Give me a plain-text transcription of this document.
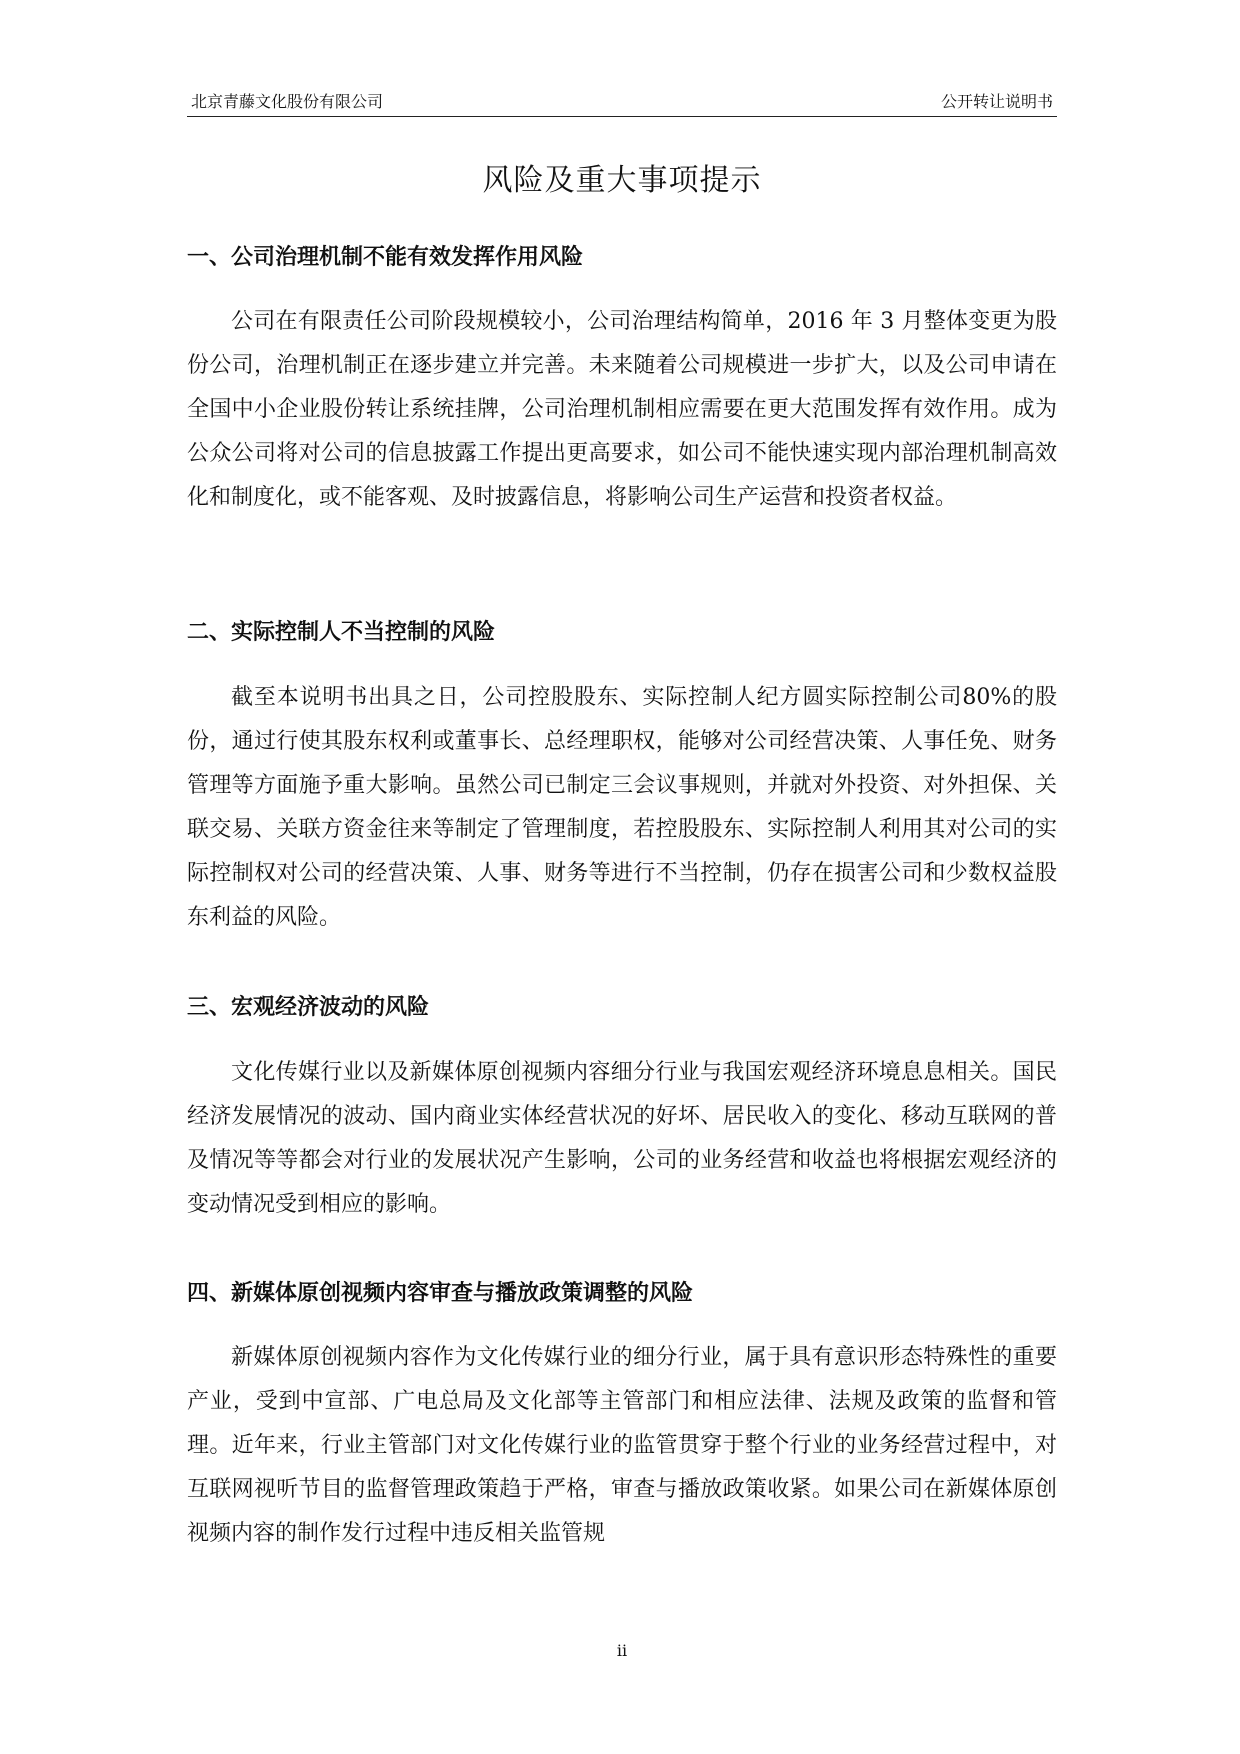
北京青藤文化股份有限公司	公开转让说明书
风险及重大事项提示
一、公司治理机制不能有效发挥作用风险

公司在有限责任公司阶段规模较小，公司治理结构简单，2016 年 3 月整体变更为股份公司，治理机制正在逐步建立并完善。未来随着公司规模进一步扩大，以及公司申请在全国中小企业股份转让系统挂牌，公司治理机制相应需要在更大范围发挥有效作用。成为公众公司将对公司的信息披露工作提出更高要求，如公司不能快速实现内部治理机制高效化和制度化，或不能客观、及时披露信息，将影响公司生产运营和投资者权益。

二、实际控制人不当控制的风险

截至本说明书出具之日，公司控股股东、实际控制人纪方圆实际控制公司80%的股份，通过行使其股东权利或董事长、总经理职权，能够对公司经营决策、人事任免、财务管理等方面施予重大影响。虽然公司已制定三会议事规则，并就对外投资、对外担保、关联交易、关联方资金往来等制定了管理制度，若控股股东、实际控制人利用其对公司的实际控制权对公司的经营决策、人事、财务等进行不当控制，仍存在损害公司和少数权益股东利益的风险。

三、宏观经济波动的风险

文化传媒行业以及新媒体原创视频内容细分行业与我国宏观经济环境息息相关。国民经济发展情况的波动、国内商业实体经营状况的好坏、居民收入的变化、移动互联网的普及情况等等都会对行业的发展状况产生影响，公司的业务经营和收益也将根据宏观经济的变动情况受到相应的影响。

四、新媒体原创视频内容审查与播放政策调整的风险

新媒体原创视频内容作为文化传媒行业的细分行业，属于具有意识形态特殊性的重要产业，受到中宣部、广电总局及文化部等主管部门和相应法律、法规及政策的监督和管理。近年来，行业主管部门对文化传媒行业的监管贯穿于整个行业的业务经营过程中，对互联网视听节目的监督管理政策趋于严格，审查与播放政策收紧。如果公司在新媒体原创视频内容的制作发行过程中违反相关监管规

ii
